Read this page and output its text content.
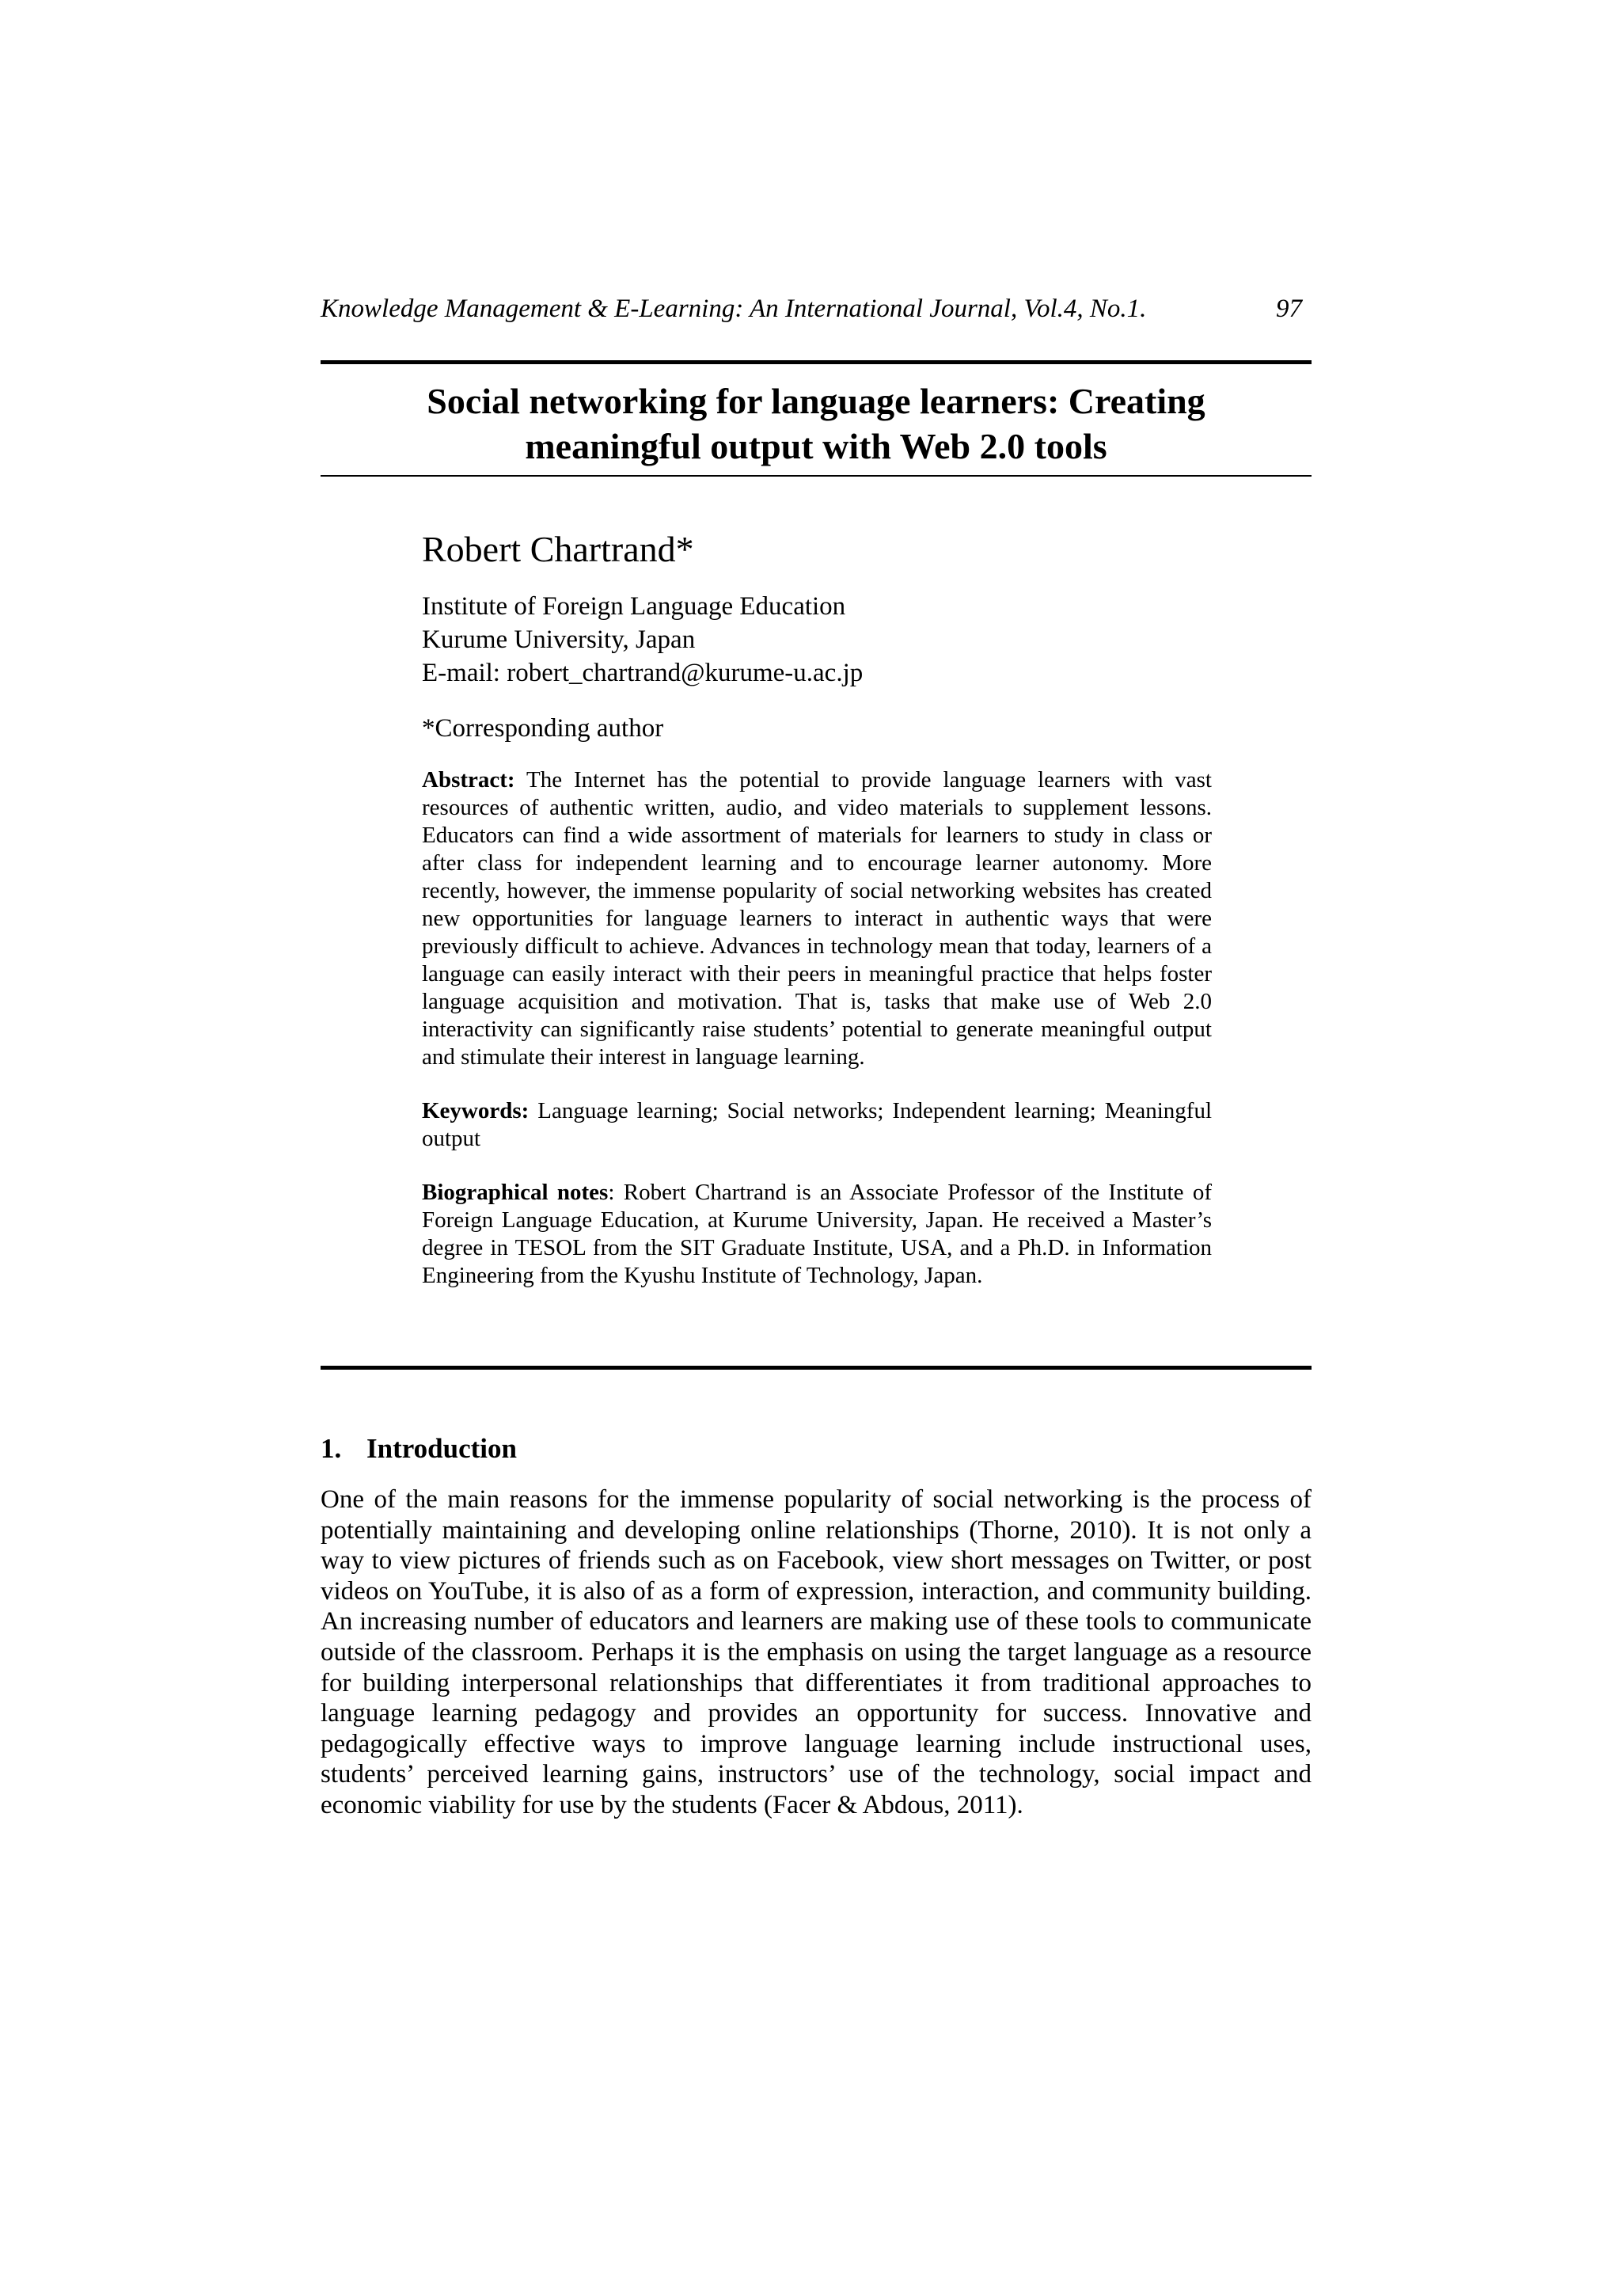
Knowledge Management & E-Learning: An International Journal, Vol.4, No.1.	97
Social networking for language learners: Creating
meaningful output with Web 2.0 tools

Robert Chartrand*

Institute of Foreign Language Education
Kurume University, Japan
E-mail: robert_chartrand@kurume-u.ac.jp
*Corresponding author

Abstract: The Internet has the potential to provide language learners with vast resources of authentic written, audio, and video materials to supplement lessons. Educators can find a wide assortment of materials for learners to study in class or after class for independent learning and to encourage learner autonomy. More recently, however, the immense popularity of social networking websites has created new opportunities for language learners to interact in authentic ways that were previously difficult to achieve. Advances in technology mean that today, learners of a language can easily interact with their peers in meaningful practice that helps foster language acquisition and motivation. That is, tasks that make use of Web 2.0 interactivity can significantly raise students’ potential to generate meaningful output and stimulate their interest in language learning.

Keywords: Language learning; Social networks; Independent learning; Meaningful output

Biographical notes: Robert Chartrand is an Associate Professor of the Institute of Foreign Language Education, at Kurume University, Japan. He received a Master’s degree in TESOL from the SIT Graduate Institute, USA, and a Ph.D. in Information Engineering from the Kyushu Institute of Technology, Japan.

1. Introduction

One of the main reasons for the immense popularity of social networking is the process of potentially maintaining and developing online relationships (Thorne, 2010). It is not only a way to view pictures of friends such as on Facebook, view short messages on Twitter, or post videos on YouTube, it is also of as a form of expression, interaction, and community building. An increasing number of educators and learners are making use of these tools to communicate outside of the classroom. Perhaps it is the emphasis on using the target language as a resource for building interpersonal relationships that differentiates it from traditional approaches to language learning pedagogy and provides an opportunity for success. Innovative and pedagogically effective ways to improve language learning include instructional uses, students’ perceived learning gains, instructors’ use of the technology, social impact and economic viability for use by the students (Facer & Abdous, 2011).
